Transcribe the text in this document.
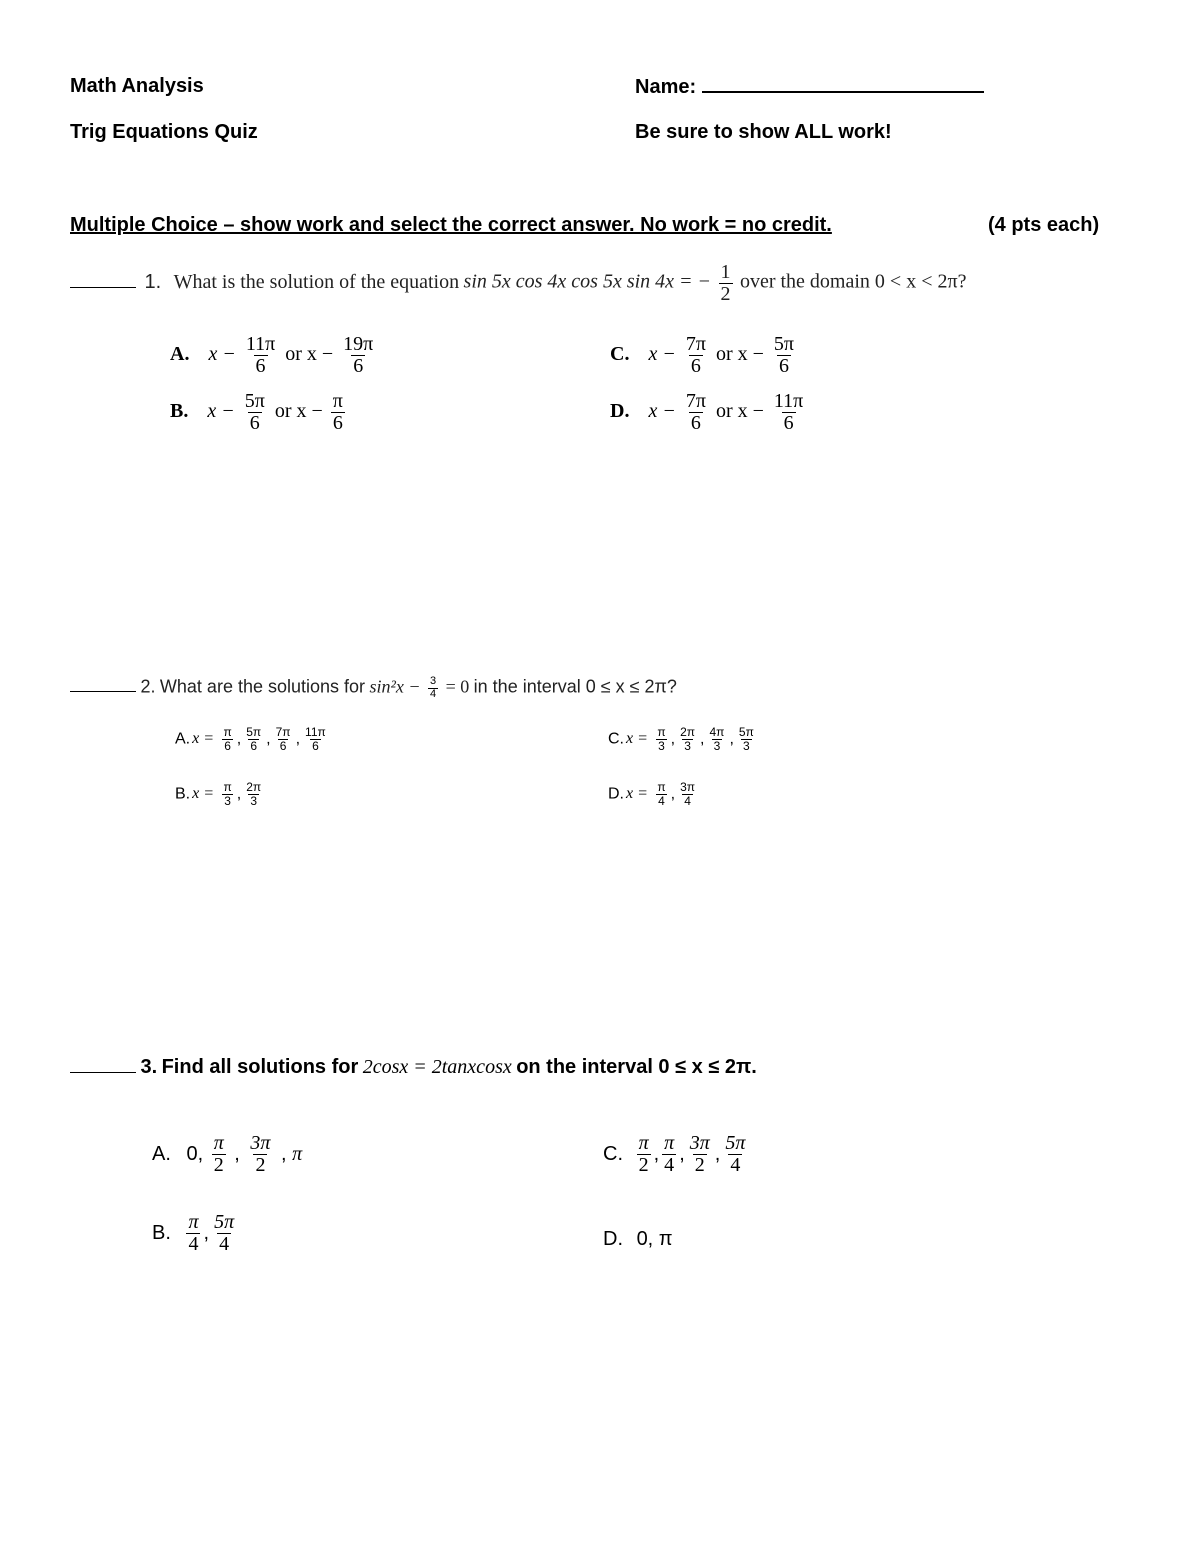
Math Analysis
Trig Equations Quiz
Name:
Be sure to show ALL work!
Multiple Choice – show work and select the correct answer. No work = no credit.	(4 pts each)
1. What is the solution of the equation sin 5x cos 4x cos 5x sin 4x = − $\frac{1}{2}$ over the domain 0 < x < 2π?
A. $x - \frac{11\pi}{6}$ or $x - \frac{19\pi}{6}$
B. $x - \frac{5\pi}{6}$ or $x - \frac{\pi}{6}$
C. $x - \frac{7\pi}{6}$ or $x - \frac{5\pi}{6}$
D. $x - \frac{7\pi}{6}$ or $x - \frac{11\pi}{6}$
2. What are the solutions for $\sin^2x - \frac{3}{4} = 0$ in the interval 0 ≤ x ≤ 2π?
A. $x = \frac{\pi}{6}$ , $\frac{5\pi}{6}$ , $\frac{7\pi}{6}$ , $\frac{11\pi}{6}$
B. $x = \frac{\pi}{3}$ , $\frac{2\pi}{3}$
C. $x = \frac{\pi}{3}$ , $\frac{2\pi}{3}$ , $\frac{4\pi}{3}$ , $\frac{5\pi}{3}$
D. $x = \frac{\pi}{4}$ , $\frac{3\pi}{4}$
3. Find all solutions for 2cosx = 2tanxcosx on the interval 0 ≤ x ≤ 2π.
A. 0, $\frac{\pi}{2}$ , $\frac{3\pi}{2}$ , π
B. $\frac{\pi}{4}$ , $\frac{5\pi}{4}$
C. $\frac{\pi}{2}$ , $\frac{\pi}{4}$ , $\frac{3\pi}{2}$ , $\frac{5\pi}{4}$
D. 0, π
